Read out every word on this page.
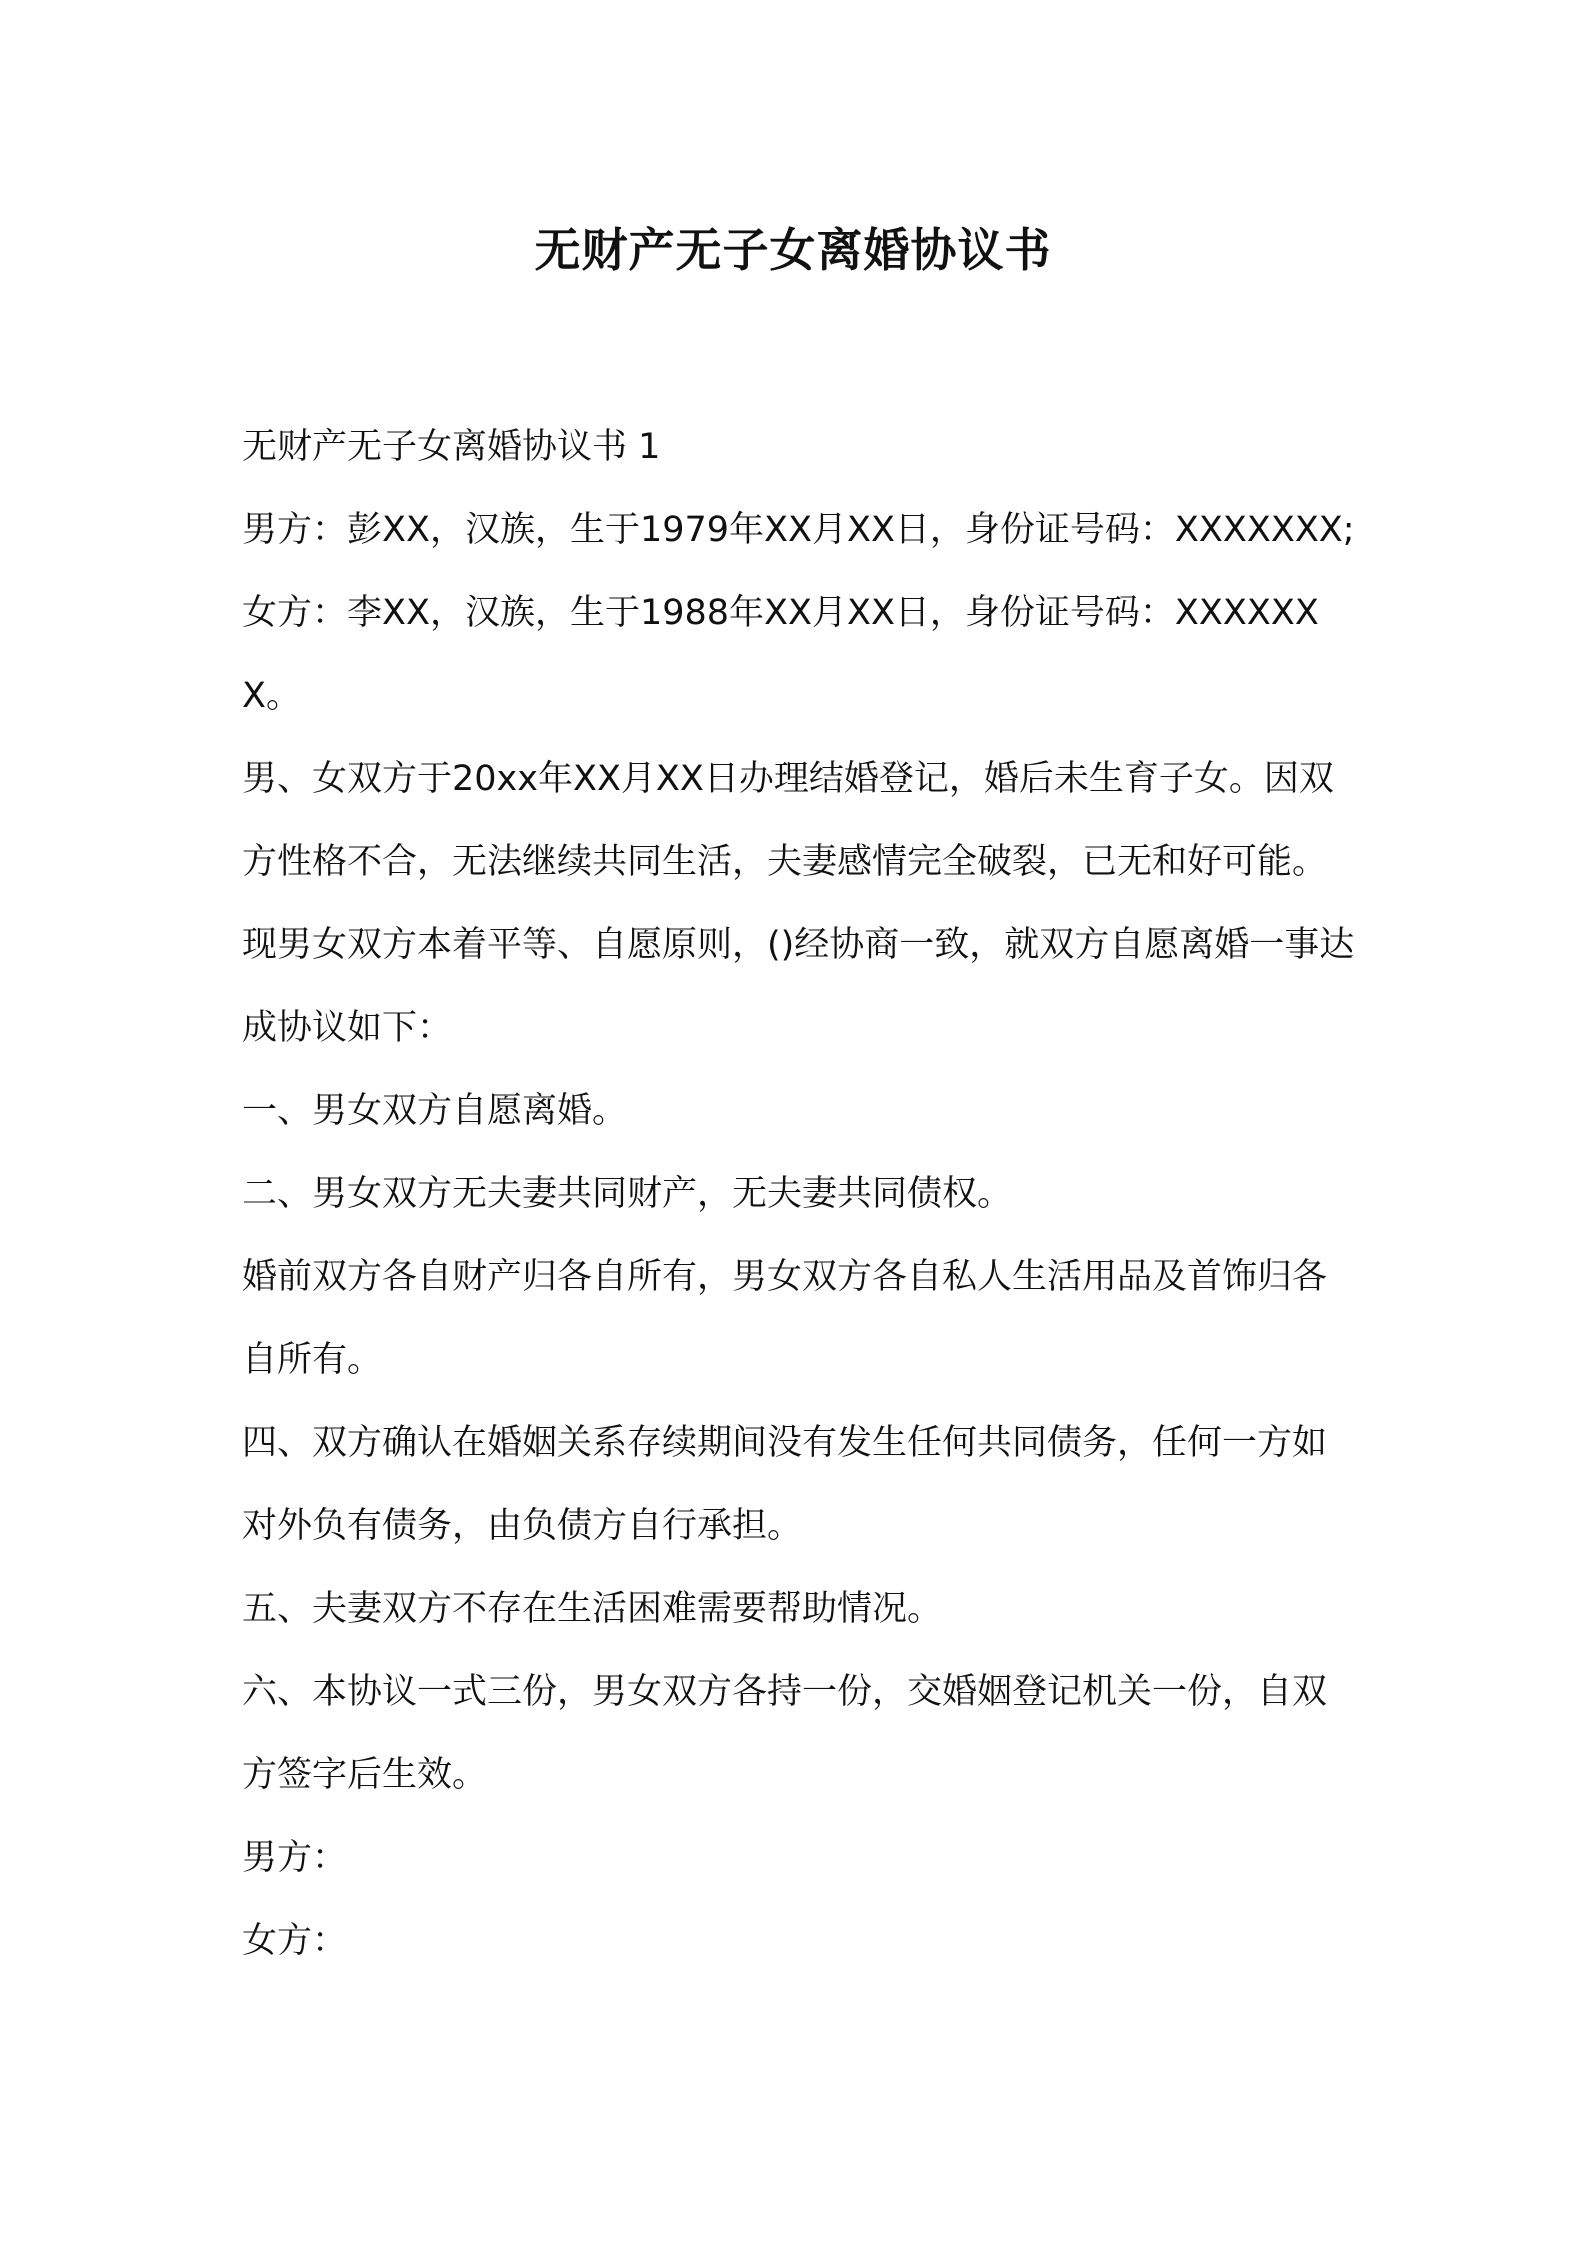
无财产无子女离婚协议书

无财产无子女离婚协议书 1

男方：彭XX，汉族，生于1979年XX月XX日，身份证号码：XXXXXXX;

女方：李XX，汉族，生于1988年XX月XX日，身份证号码：XXXXXXX。

男、女双方于20xx年XX月XX日办理结婚登记，婚后未生育子女。因双方性格不合，无法继续共同生活，夫妻感情完全破裂，已无和好可能。现男女双方本着平等、自愿原则，()经协商一致，就双方自愿离婚一事达成协议如下：

一、男女双方自愿离婚。

二、男女双方无夫妻共同财产，无夫妻共同债权。

婚前双方各自财产归各自所有，男女双方各自私人生活用品及首饰归各自所有。

四、双方确认在婚姻关系存续期间没有发生任何共同债务，任何一方如对外负有债务，由负债方自行承担。

五、夫妻双方不存在生活困难需要帮助情况。

六、本协议一式三份，男女双方各持一份，交婚姻登记机关一份，自双方签字后生效。

男方：

女方：
